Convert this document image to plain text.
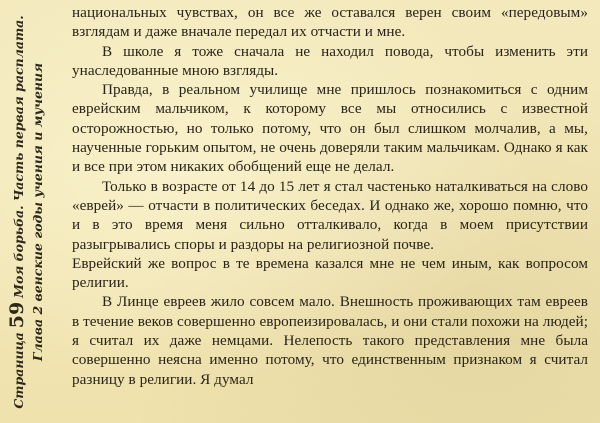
Страница
59
Моя борьба. Часть первая расплата. Глава 2 венские годы учения и мучения

национальных чувствах, он все же оставался верен своим «передовым» взглядам и даже вначале передал их отчасти и мне.

В школе я тоже сначала не находил повода, чтобы изменить эти унаследованные мною взгляды.

Правда, в реальном училище мне пришлось познакомиться с одним еврейским мальчиком, к которому все мы относились с известной осторожностью, но только потому, что он был слишком молчалив, а мы, наученные горьким опытом, не очень доверяли таким мальчикам. Однако я как и все при этом никаких обобщений еще не делал.

Только в возрасте от 14 до 15 лет я стал частенько наталкиваться на слово «еврей» — отчасти в политических беседах. И однако же, хорошо помню, что и в это время меня сильно отталкивало, когда в моем присутствии разыгрывались споры и раздоры на религиозной почве.

Еврейский же вопрос в те времена казался мне не чем иным, как вопросом религии.

В Линце евреев жило совсем мало. Внешность проживающих там евреев в течение веков совершенно европеизировалась, и они стали похожи на людей; я считал их даже немцами. Нелепость такого представления мне была совершенно неясна именно потому, что единственным признаком я считал разницу в религии. Я думал
